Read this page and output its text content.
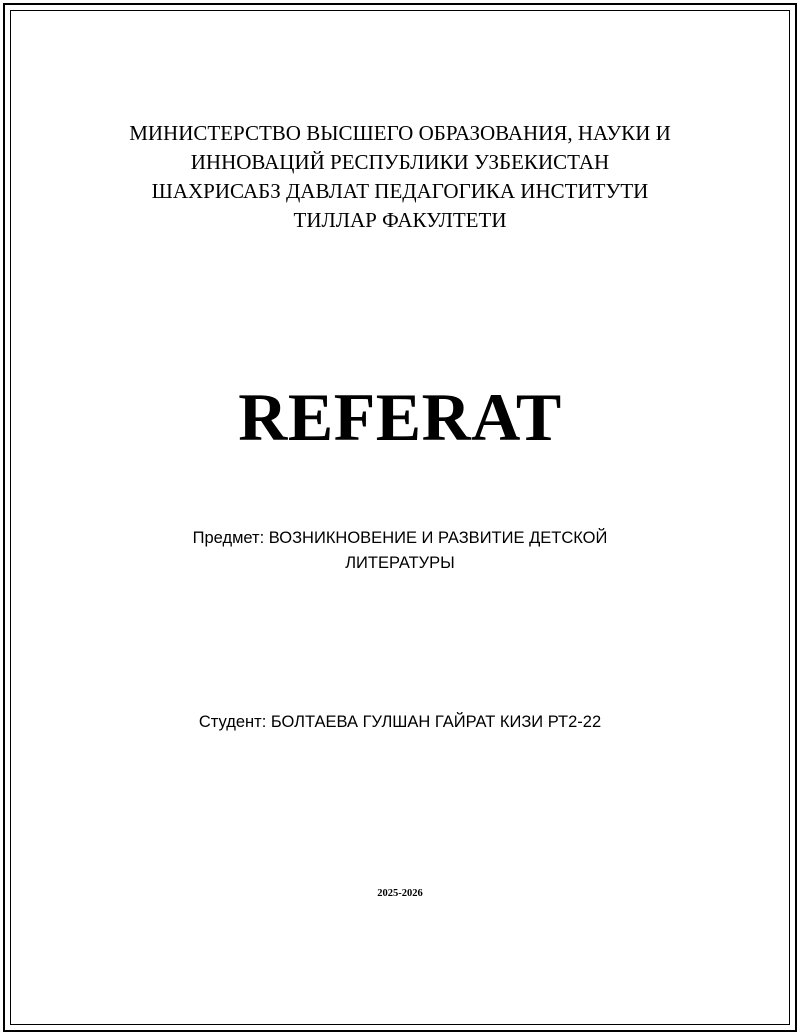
МИНИСТЕРСТВО ВЫСШЕГО ОБРАЗОВАНИЯ, НАУКИ И
ИННОВАЦИЙ РЕСПУБЛИКИ УЗБЕКИСТАН
ШАХРИСАБЗ ДАВЛАТ ПЕДАГОГИКА ИНСТИТУТИ
ТИЛЛАР ФАКУЛТЕТИ
REFERAT
Предмет: ВОЗНИКНОВЕНИЕ И РАЗВИТИЕ ДЕТСКОЙ
ЛИТЕРАТУРЫ
Студент: БОЛТАЕВА ГУЛШАН ГАЙРАТ КИЗИ РТ2-22
2025-2026
